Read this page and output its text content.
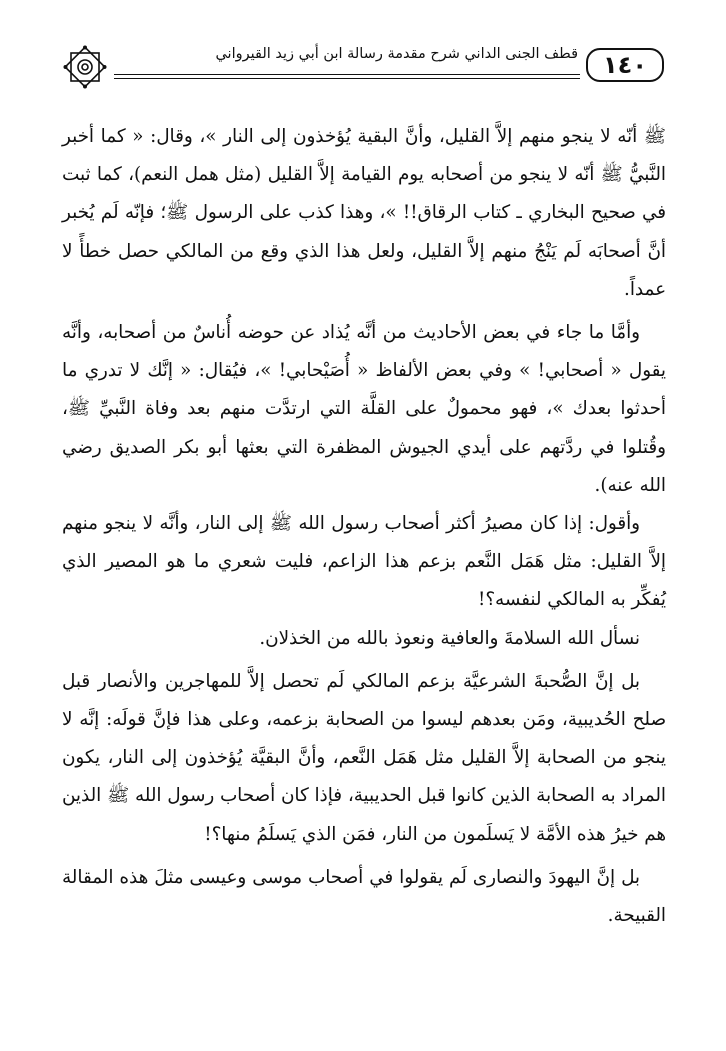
قطف الجنى الداني شرح مقدمة رسالة ابن أبي زيد القيرواني	١٤٠

ﷺ أنّه لا ينجو منهم إلاَّ القليل، وأنَّ البقية يُؤخذون إلى النار »، وقال: « كما أخبر النَّبيُّ ﷺ أنّه لا ينجو من أصحابه يوم القيامة إلاَّ القليل (مثل همل النعم)، كما ثبت في صحيح البخاري ـ كتاب الرقاق!! »، وهذا كذب على الرسول ﷺ؛ فإنّه لَم يُخبر أنَّ أصحابَه لَم يَنْجُ منهم إلاَّ القليل، ولعل هذا الذي وقع من المالكي حصل خطأً لا عمداً.

وأمَّا ما جاء في بعض الأحاديث من أنَّه يُذاد عن حوضه أُناسٌ من أصحابه، وأنَّه يقول « أصحابي! » وفي بعض الألفاظ « أُصَيْحابي! »، فيُقال: « إنَّك لا تدري ما أحدثوا بعدك »، فهو محمولٌ على القلَّة التي ارتدَّت منهم بعد وفاة النَّبيِّ ﷺ، وقُتلوا في ردَّتهم على أيدي الجيوش المظفرة التي بعثها أبو بكر الصديق رضي الله عنه).

وأقول: إذا كان مصيرُ أكثر أصحاب رسول الله ﷺ إلى النار، وأنَّه لا ينجو منهم إلاَّ القليل: مثل هَمَل النَّعم بزعم هذا الزاعم، فليت شعري ما هو المصير الذي يُفكِّر به المالكي لنفسه؟!

نسأل الله السلامةَ والعافية ونعوذ بالله من الخذلان.

بل إنَّ الصُّحبةَ الشرعيَّة بزعم المالكي لَم تحصل إلاَّ للمهاجرين والأنصار قبل صلح الحُديبية، ومَن بعدهم ليسوا من الصحابة بزعمه، وعلى هذا فإنَّ قولَه: إنَّه لا ينجو من الصحابة إلاَّ القليل مثل هَمَل النَّعم، وأنَّ البقيَّة يُؤخذون إلى النار، يكون المراد به الصحابة الذين كانوا قبل الحديبية، فإذا كان أصحاب رسول الله ﷺ الذين هم خيرُ هذه الأمَّة لا يَسلَمون من النار، فمَن الذي يَسلَمُ منها؟!

بل إنَّ اليهودَ والنصارى لَم يقولوا في أصحاب موسى وعيسى مثلَ هذه المقالة القبيحة.
